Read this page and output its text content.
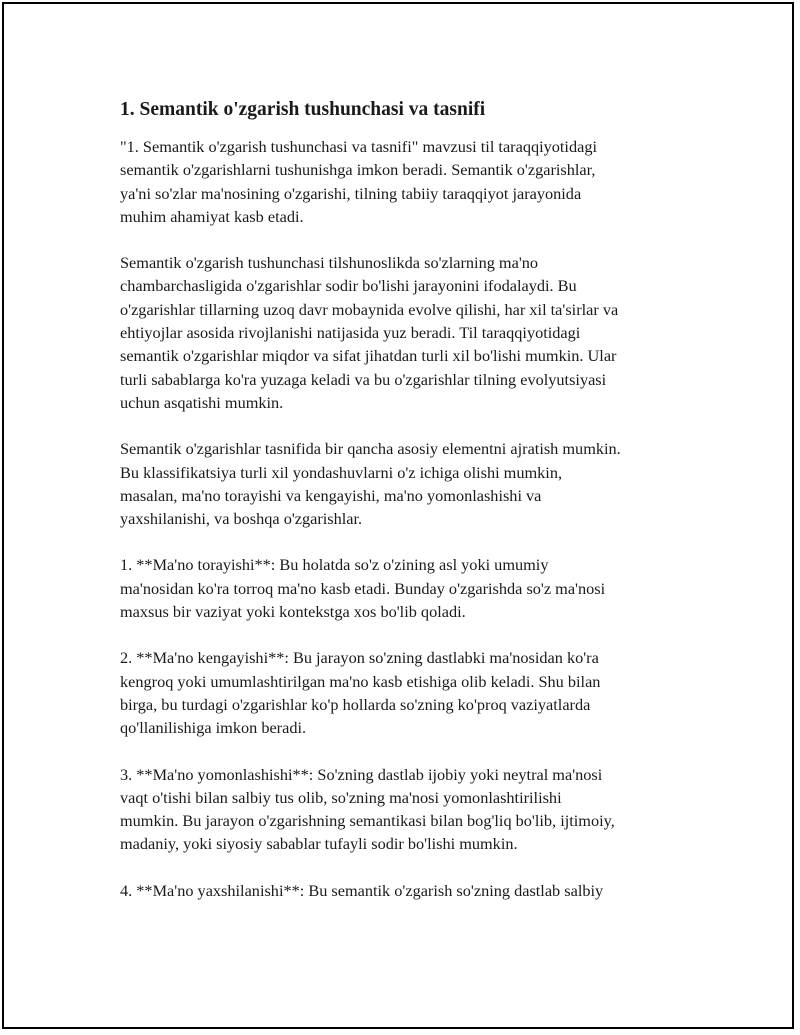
1. Semantik o'zgarish tushunchasi va tasnifi

"1. Semantik o'zgarish tushunchasi va tasnifi" mavzusi til taraqqiyotidagi
semantik o'zgarishlarni tushunishga imkon beradi. Semantik o'zgarishlar,
ya'ni so'zlar ma'nosining o'zgarishi, tilning tabiiy taraqqiyot jarayonida
muhim ahamiyat kasb etadi.

Semantik o'zgarish tushunchasi tilshunoslikda so'zlarning ma'no
chambarchasligida o'zgarishlar sodir bo'lishi jarayonini ifodalaydi. Bu
o'zgarishlar tillarning uzoq davr mobaynida evolve qilishi, har xil ta'sirlar va
ehtiyojlar asosida rivojlanishi natijasida yuz beradi. Til taraqqiyotidagi
semantik o'zgarishlar miqdor va sifat jihatdan turli xil bo'lishi mumkin. Ular
turli sabablarga ko'ra yuzaga keladi va bu o'zgarishlar tilning evolyutsiyasi
uchun asqatishi mumkin.

Semantik o'zgarishlar tasnifida bir qancha asosiy elementni ajratish mumkin.
Bu klassifikatsiya turli xil yondashuvlarni o'z ichiga olishi mumkin,
masalan, ma'no torayishi va kengayishi, ma'no yomonlashishi va
yaxshilanishi, va boshqa o'zgarishlar.

1. **Ma'no torayishi**: Bu holatda so'z o'zining asl yoki umumiy
ma'nosidan ko'ra torroq ma'no kasb etadi. Bunday o'zgarishda so'z ma'nosi
maxsus bir vaziyat yoki kontekstga xos bo'lib qoladi.

2. **Ma'no kengayishi**: Bu jarayon so'zning dastlabki ma'nosidan ko'ra
kengroq yoki umumlashtirilgan ma'no kasb etishiga olib keladi. Shu bilan
birga, bu turdagi o'zgarishlar ko'p hollarda so'zning ko'proq vaziyatlarda
qo'llanilishiga imkon beradi.

3. **Ma'no yomonlashishi**: So'zning dastlab ijobiy yoki neytral ma'nosi
vaqt o'tishi bilan salbiy tus olib, so'zning ma'nosi yomonlashtirilishi
mumkin. Bu jarayon o'zgarishning semantikasi bilan bog'liq bo'lib, ijtimoiy,
madaniy, yoki siyosiy sabablar tufayli sodir bo'lishi mumkin.

4. **Ma'no yaxshilanishi**: Bu semantik o'zgarish so'zning dastlab salbiy
